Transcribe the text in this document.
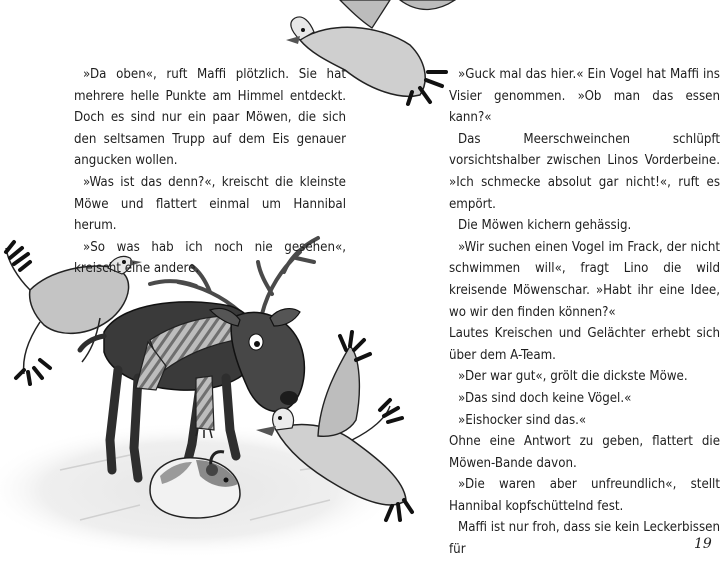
»Da oben«, ruft Maffi plötzlich. Sie hat mehrere helle Punkte am Himmel entdeckt. Doch es sind nur ein paar Möwen, die sich den seltsamen Trupp auf dem Eis genauer angucken wollen.

»Was ist das denn?«, kreischt die kleinste Möwe und flattert einmal um Hannibal herum.

»So was hab ich noch nie gesehen«, kreischt eine andere.

»Guck mal das hier.« Ein Vogel hat Maffi ins Visier genommen. »Ob man das essen kann?«

Das Meerschweinchen schlüpft vorsichtshalber zwischen Linos Vorderbeine. »Ich schmecke absolut gar nicht!«, ruft es empört.

Die Möwen kichern gehässig.

»Wir suchen einen Vogel im Frack, der nicht schwimmen will«, fragt Lino die wild kreisende Möwenschar. »Habt ihr eine Idee, wo wir den finden können?«

Lautes Kreischen und Gelächter erhebt sich über dem A-Team.

»Der war gut«, grölt die dickste Möwe.

»Das sind doch keine Vögel.«

»Eishocker sind das.«

Ohne eine Antwort zu geben, flattert die Möwen-Bande davon.

»Die waren aber unfreundlich«, stellt Hannibal kopfschüttelnd fest.

Maffi ist nur froh, dass sie kein Leckerbissen für	19
